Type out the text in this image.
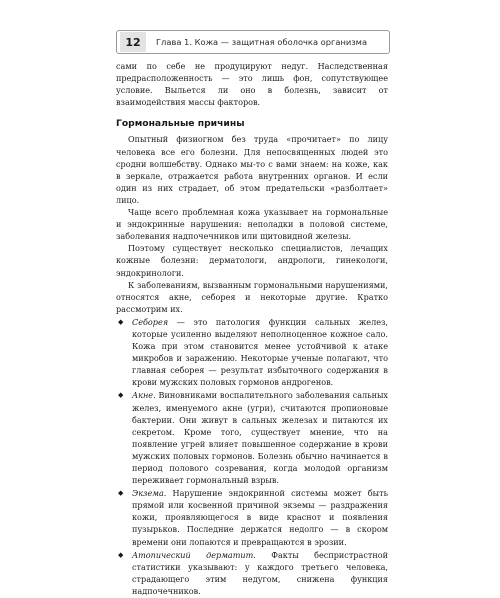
12	Глава 1. Кожа — защитная оболочка организма

сами по себе не продуцируют недуг. Наследственная предрасположенность — это лишь фон, сопутствующее условие. Выльется ли оно в болезнь, зависит от взаимодействия массы факторов.

Гормональные причины

Опытный физиогном без труда «прочитает» по лицу человека все его болезни. Для непосвященных людей это сродни волшебству. Однако мы-то с вами знаем: на коже, как в зеркале, отражается работа внутренних органов. И если один из них страдает, об этом предательски «разболтает» лицо.

Чаще всего проблемная кожа указывает на гормональные и эндокринные нарушения: неполадки в половой системе, заболевания надпочечников или щитовидной железы.

Поэтому существует несколько специалистов, лечащих кожные болезни: дерматологи, андрологи, гинекологи, эндокринологи.

К заболеваниям, вызванным гормональными нарушениями, относятся акне, себорея и некоторые другие. Кратко рассмотрим их.

◆	Себорея — это патология функции сальных желез, которые усиленно выделяют неполноценное кожное сало. Кожа при этом становится менее устойчивой к атаке микробов и заражению. Некоторые ученые полагают, что главная себорея — результат избыточного содержания в крови мужских половых гормонов андрогенов.
◆	Акне. Виновниками воспалительного заболевания сальных желез, именуемого акне (угри), считаются пропионовые бактерии. Они живут в сальных железах и питаются их секретом. Кроме того, существует мнение, что на появление угрей влияет повышенное содержание в крови мужских половых гормонов. Болезнь обычно начинается в период полового созревания, когда молодой организм переживает гормональный взрыв.
◆	Экзема. Нарушение эндокринной системы может быть прямой или косвенной причиной экземы — раздражения кожи, проявляющегося в виде краснот и появления пузырьков. Последние держатся недолго — в скором времени они лопаются и превращаются в эрозии.
◆	Атопический дерматит. Факты беспристрастной статистики указывают: у каждого третьего человека, страдающего этим недугом, снижена функция надпочечников.
